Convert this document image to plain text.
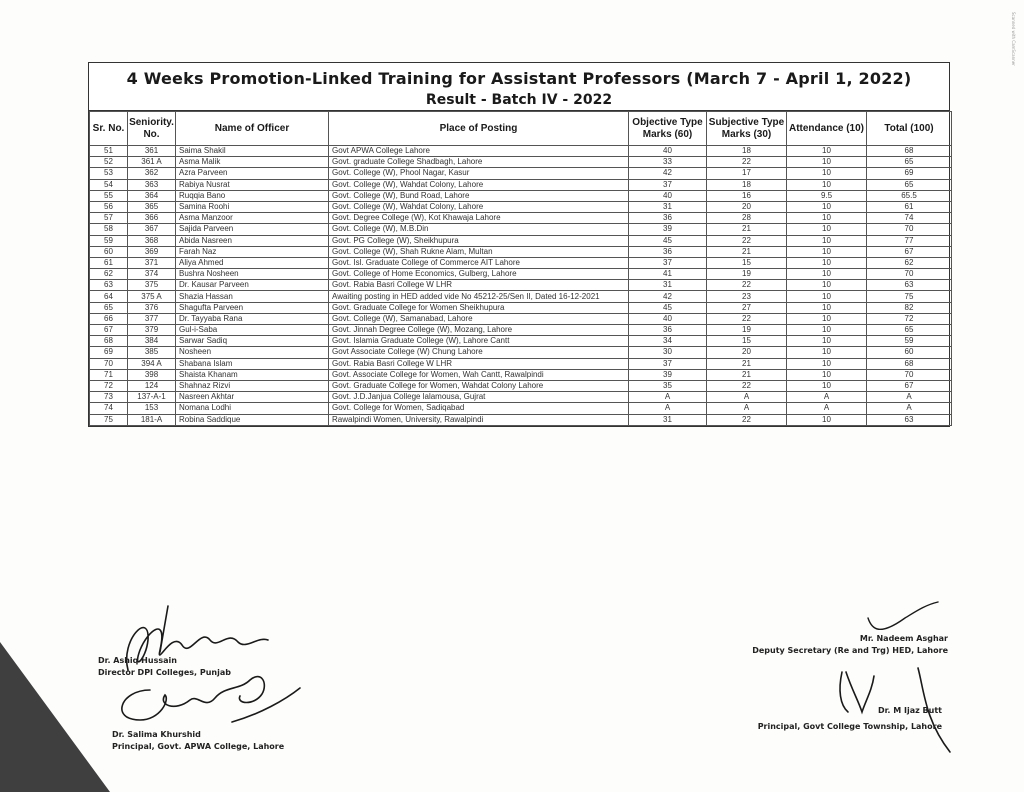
Scanned with CamScanner
4 Weeks Promotion-Linked Training for Assistant Professors (March 7 - April 1, 2022)
Result - Batch IV - 2022
Sr. No.	Seniority. No.	Name of Officer	Place of Posting	Objective Type Marks (60)	Subjective Type Marks (30)	Attendance (10)	Total (100)
51	361	Saima Shakil	Govt APWA College Lahore	40	18	10	68
52	361 A	Asma Malik	Govt. graduate College Shadbagh, Lahore	33	22	10	65
53	362	Azra Parveen	Govt. College (W), Phool Nagar, Kasur	42	17	10	69
54	363	Rabiya Nusrat	Govt. College (W), Wahdat Colony, Lahore	37	18	10	65
55	364	Ruqqia Bano	Govt. College (W), Bund Road, Lahore	40	16	9.5	65.5
56	365	Samina Roohi	Govt. College (W), Wahdat Colony, Lahore	31	20	10	61
57	366	Asma Manzoor	Govt. Degree College (W), Kot Khawaja Lahore	36	28	10	74
58	367	Sajida Parveen	Govt. College (W), M.B.Din	39	21	10	70
59	368	Abida Nasreen	Govt. PG College (W), Sheikhupura	45	22	10	77
60	369	Farah Naz	Govt. College (W), Shah Rukne Alam, Multan	36	21	10	67
61	371	Aliya Ahmed	Govt. Isl. Graduate College of Commerce AIT Lahore	37	15	10	62
62	374	Bushra Nosheen	Govt. College of Home Economics, Gulberg, Lahore	41	19	10	70
63	375	Dr. Kausar Parveen	Govt. Rabia Basri College W LHR	31	22	10	63
64	375 A	Shazia Hassan	Awaiting posting in HED added vide No 45212-25/Sen II, Dated 16-12-2021	42	23	10	75
65	376	Shagufta Parveen	Govt. Graduate College for Women Sheikhupura	45	27	10	82
66	377	Dr. Tayyaba Rana	Govt. College (W), Samanabad, Lahore	40	22	10	72
67	379	Gul-i-Saba	Govt. Jinnah Degree College (W), Mozang, Lahore	36	19	10	65
68	384	Sarwar Sadiq	Govt. Islamia Graduate College (W), Lahore Cantt	34	15	10	59
69	385	Nosheen	Govt Associate College (W) Chung Lahore	30	20	10	60
70	394 A	Shabana Islam	Govt. Rabia Basri College W LHR	37	21	10	68
71	398	Shaista Khanam	Govt. Associate College for Women, Wah Cantt, Rawalpindi	39	21	10	70
72	124	Shahnaz Rizvi	Govt. Graduate College for Women, Wahdat Colony Lahore	35	22	10	67
73	137-A-1	Nasreen Akhtar	Govt. J.D.Janjua College lalamousa, Gujrat	A	A	A	A
74	153	Nomana Lodhi	Govt. College for Women, Sadiqabad	A	A	A	A
75	181-A	Robina Saddique	Rawalpindi Women, University, Rawalpindi	31	22	10	63
Dr. Ashiq Hussain
Director DPI Colleges, Punjab
Dr. Salima Khurshid
Principal, Govt. APWA College, Lahore
Mr. Nadeem Asghar
Deputy Secretary (Re and Trg) HED, Lahore
Dr. M Ijaz Butt
Principal, Govt College Township, Lahore
